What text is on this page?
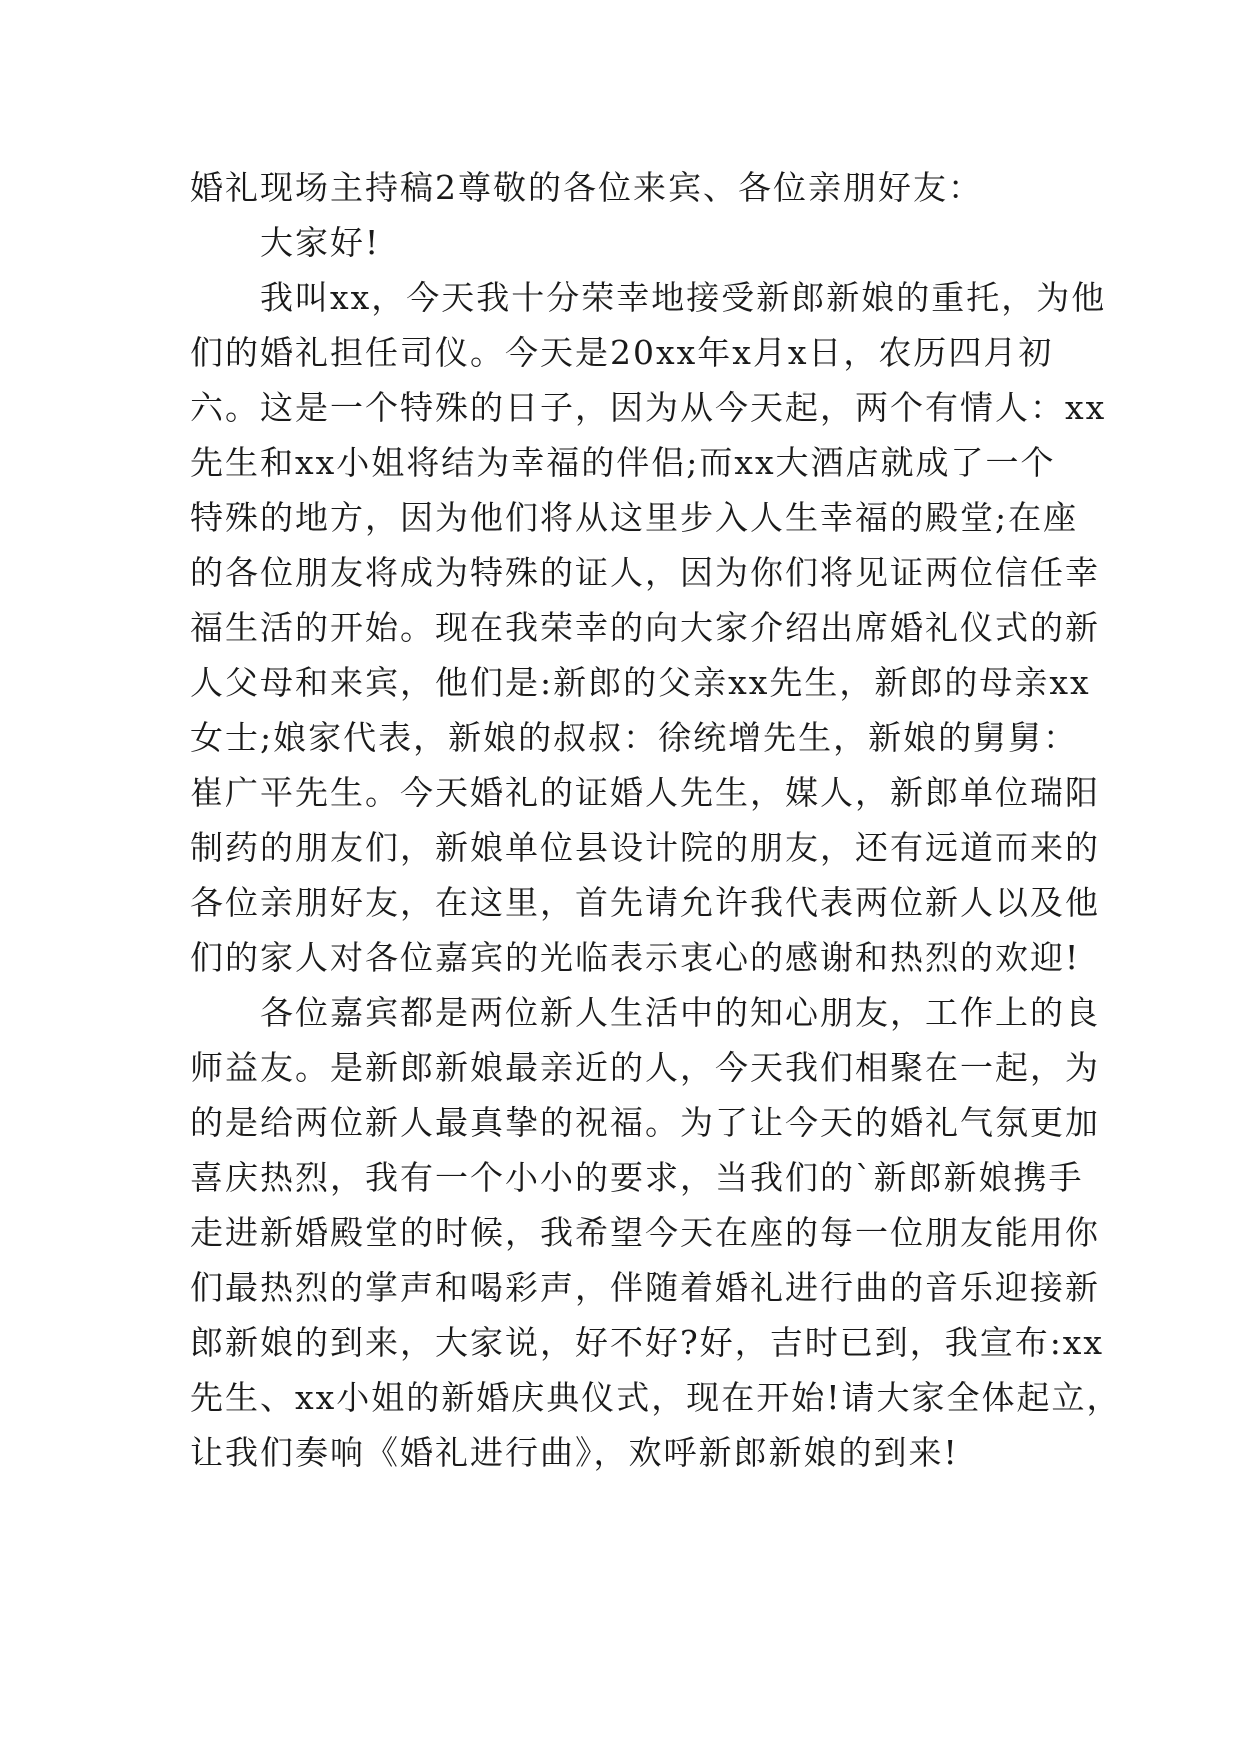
婚礼现场主持稿2尊敬的各位来宾、各位亲朋好友：
　　大家好!
　　我叫xx，今天我十分荣幸地接受新郎新娘的重托，为他
们的婚礼担任司仪。今天是20xx年x月x日，农历四月初
六。这是一个特殊的日子，因为从今天起，两个有情人：xx
先生和xx小姐将结为幸福的伴侣;而xx大酒店就成了一个
特殊的地方，因为他们将从这里步入人生幸福的殿堂;在座
的各位朋友将成为特殊的证人，因为你们将见证两位信任幸
福生活的开始。现在我荣幸的向大家介绍出席婚礼仪式的新
人父母和来宾，他们是:新郎的父亲xx先生，新郎的母亲xx
女士;娘家代表，新娘的叔叔：徐统增先生，新娘的舅舅：
崔广平先生。今天婚礼的证婚人先生，媒人，新郎单位瑞阳
制药的朋友们，新娘单位县设计院的朋友，还有远道而来的
各位亲朋好友，在这里，首先请允许我代表两位新人以及他
们的家人对各位嘉宾的光临表示衷心的感谢和热烈的欢迎!
　　各位嘉宾都是两位新人生活中的知心朋友，工作上的良
师益友。是新郎新娘最亲近的人，今天我们相聚在一起，为
的是给两位新人最真挚的祝福。为了让今天的婚礼气氛更加
喜庆热烈，我有一个小小的要求，当我们的`新郎新娘携手
走进新婚殿堂的时候，我希望今天在座的每一位朋友能用你
们最热烈的掌声和喝彩声，伴随着婚礼进行曲的音乐迎接新
郎新娘的到来，大家说，好不好?好，吉时已到，我宣布:xx
先生、xx小姐的新婚庆典仪式，现在开始!请大家全体起立，
让我们奏响《婚礼进行曲》，欢呼新郎新娘的到来!
